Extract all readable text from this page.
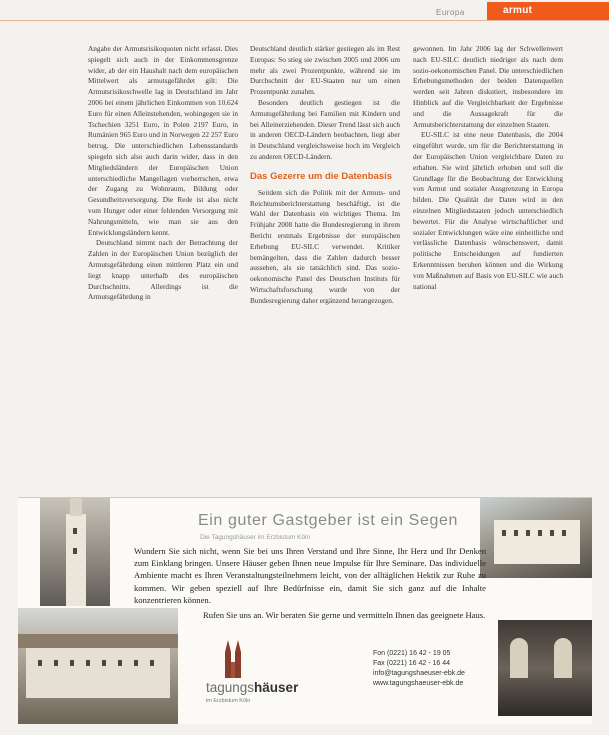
Europa	armut

Angabe der Armutsrisikoquoten nicht erfasst. Dies spiegelt sich auch in der Einkommensgrenze wider, ab der ein Haushalt nach dem europäischen Mittelwert als armutsgefährdet gilt: Die Armutsrisikoschwelle lag in Deutschland im Jahr 2006 bei einem jährlichen Einkommen von 10.624 Euro für einen Alleinstehenden, wohingegen sie in Tschechien 3251 Euro, in Polen 2197 Euro, in Rumänien 965 Euro und in Norwegen 22 257 Euro betrug. Die unterschiedlichen Lebensstandards spiegeln sich also auch darin wider, dass in den Mitgliedsländern der Europäischen Union unterschiedliche Mangellagen vorherrschen, etwa der Zugang zu Wohnraum, Bildung oder Gesundheitsversorgung. Die Rede ist also nicht vom Hunger oder einer fehlenden Versorgung mit Nahrungsmitteln, wie man sie aus den Entwicklungsländern kennt.

Deutschland nimmt nach der Betrachtung der Zahlen in der Europäischen Union bezüglich der Armutsgefährdung einen mittleren Platz ein und liegt knapp unterhalb des europäischen Durchschnitts. Allerdings ist die Armutsgefährdung in

Deutschland deutlich stärker gestiegen als im Rest Europas: So stieg sie zwischen 2005 und 2006 um mehr als zwei Prozentpunkte, während sie im Durchschnitt der EU-Staaten nur um einen Prozentpunkt zunahm.

Besonders deutlich gestiegen ist die Armutsgefährdung bei Familien mit Kindern und bei Alleinerziehenden. Dieser Trend lässt sich auch in anderen OECD-Ländern beobachten, liegt aber in Deutschland vergleichsweise hoch im Vergleich zu anderen OECD-Ländern.

Das Gezerre um die Datenbasis

Seitdem sich die Politik mit der Armuts- und Reichtumsberichterstattung beschäftigt, ist die Wahl der Datenbasis ein wichtiges Thema. Im Frühjahr 2008 hatte die Bundesregierung in ihrem Bericht erstmals Ergebnisse der europäischen Erhebung EU-SILC verwendet. Kritiker bemängelten, dass die Zahlen dadurch besser aussehen, als sie tatsächlich sind. Das sozio-oekonomische Panel des Deutschen Instituts für Wirtschaftsforschung wurde von der Bundesregierung daher ergänzend herangezogen.

gewonnen. Im Jahr 2006 lag der Schwellenwert nach EU-SILC deutlich niedriger als nach dem sozio-oekonomischen Panel. Die unterschiedlichen Erhebungsmethoden der beiden Datenquellen werden seit Jahren diskutiert, insbesondere im Hinblick auf die Vergleichbarkeit der Ergebnisse und die Aussagekraft für die Armutsberichterstattung der einzelnen Staaten.

EU-SILC ist eine neue Datenbasis, die 2004 eingeführt wurde, um für die Berichterstattung in der Europäischen Union vergleichbare Daten zu erhalten. Sie wird jährlich erhoben und soll die Grundlage für die Beobachtung der Entwicklung von Armut und sozialer Ausgrenzung in Europa bilden. Die Qualität der Daten wird in den einzelnen Mitgliedstaaten jedoch unterschiedlich bewertet. Für die Analyse wirtschaftlicher und sozialer Entwicklungen wäre eine einheitliche und verlässliche Datenbasis wünschenswert, damit politische Entscheidungen auf fundierten Erkenntnissen beruhen können und die Wirkung von Maßnahmen auf Basis von EU-SILC wie auch national

Ein guter Gastgeber ist ein Segen
Die Tagungshäuser im Erzbistum Köln
Wundern Sie sich nicht, wenn Sie bei uns Ihren Verstand und Ihre Sinne, Ihr Herz und Ihr Denken zum Einklang bringen. Unsere Häuser geben Ihnen neue Impulse für Ihre Seminare. Das individuelle Ambiente macht es Ihren Veranstaltungsteilnehmern leicht, von der alltäglichen Hektik zur Ruhe zu kommen. Wir geben speziell auf Ihre Bedürfnisse ein, damit Sie sich ganz auf die Inhalte konzentrieren können.
Rufen Sie uns an. Wir beraten Sie gerne und vermitteln Ihnen das geeignete Haus.
tagungshäuser
im Erzbistum Köln
Fon (0221) 16 42 - 19 05
Fax (0221) 16 42 - 16 44
info@tagungshaeuser-ebk.de
www.tagungshaeuser-ebk.de
